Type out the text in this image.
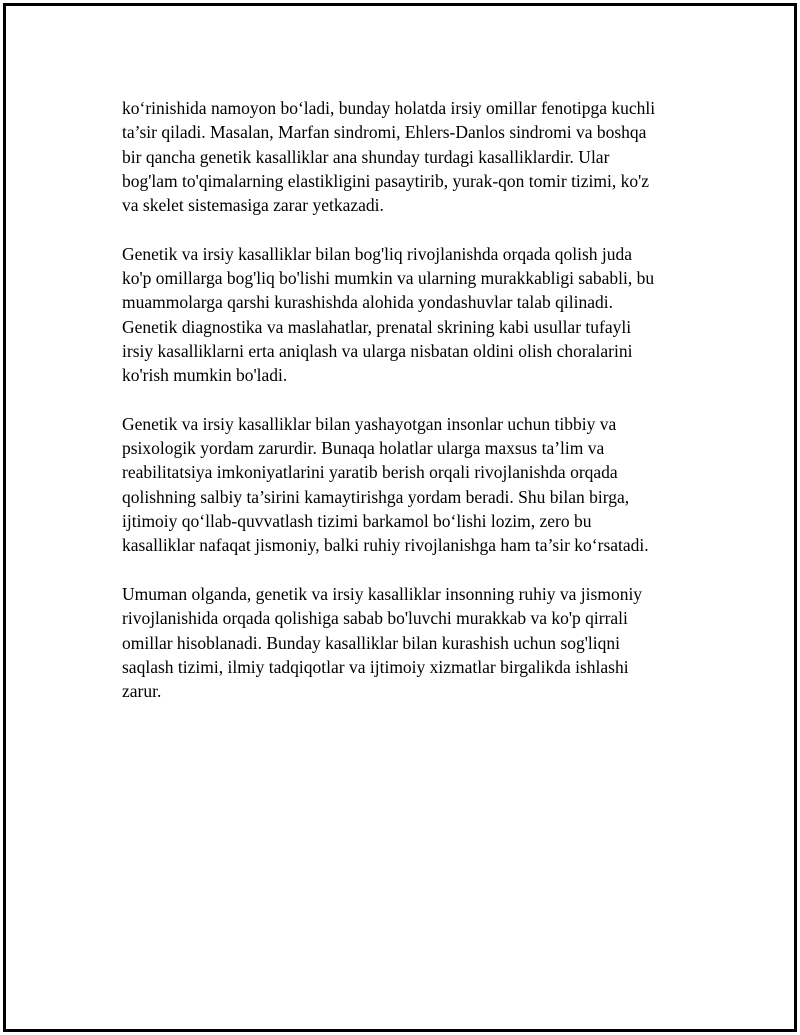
ko‘rinishida namoyon bo‘ladi, bunday holatda irsiy omillar fenotipga kuchli
ta’sir qiladi. Masalan, Marfan sindromi, Ehlers-Danlos sindromi va boshqa
bir qancha genetik kasalliklar ana shunday turdagi kasalliklardir. Ular
bog'lam to'qimalarning elastikligini pasaytirib, yurak-qon tomir tizimi, ko'z
va skelet sistemasiga zarar yetkazadi.

Genetik va irsiy kasalliklar bilan bog'liq rivojlanishda orqada qolish juda
ko'p omillarga bog'liq bo'lishi mumkin va ularning murakkabligi sababli, bu
muammolarga qarshi kurashishda alohida yondashuvlar talab qilinadi.
Genetik diagnostika va maslahatlar, prenatal skrining kabi usullar tufayli
irsiy kasalliklarni erta aniqlash va ularga nisbatan oldini olish choralarini
ko'rish mumkin bo'ladi.

Genetik va irsiy kasalliklar bilan yashayotgan insonlar uchun tibbiy va
psixologik yordam zarurdir. Bunaqa holatlar ularga maxsus ta’lim va
reabilitatsiya imkoniyatlarini yaratib berish orqali rivojlanishda orqada
qolishning salbiy ta’sirini kamaytirishga yordam beradi. Shu bilan birga,
ijtimoiy qo‘llab-quvvatlash tizimi barkamol bo‘lishi lozim, zero bu
kasalliklar nafaqat jismoniy, balki ruhiy rivojlanishga ham ta’sir ko‘rsatadi.

Umuman olganda, genetik va irsiy kasalliklar insonning ruhiy va jismoniy
rivojlanishida orqada qolishiga sabab bo'luvchi murakkab va ko'p qirrali
omillar hisoblanadi. Bunday kasalliklar bilan kurashish uchun sog'liqni
saqlash tizimi, ilmiy tadqiqotlar va ijtimoiy xizmatlar birgalikda ishlashi
zarur.
